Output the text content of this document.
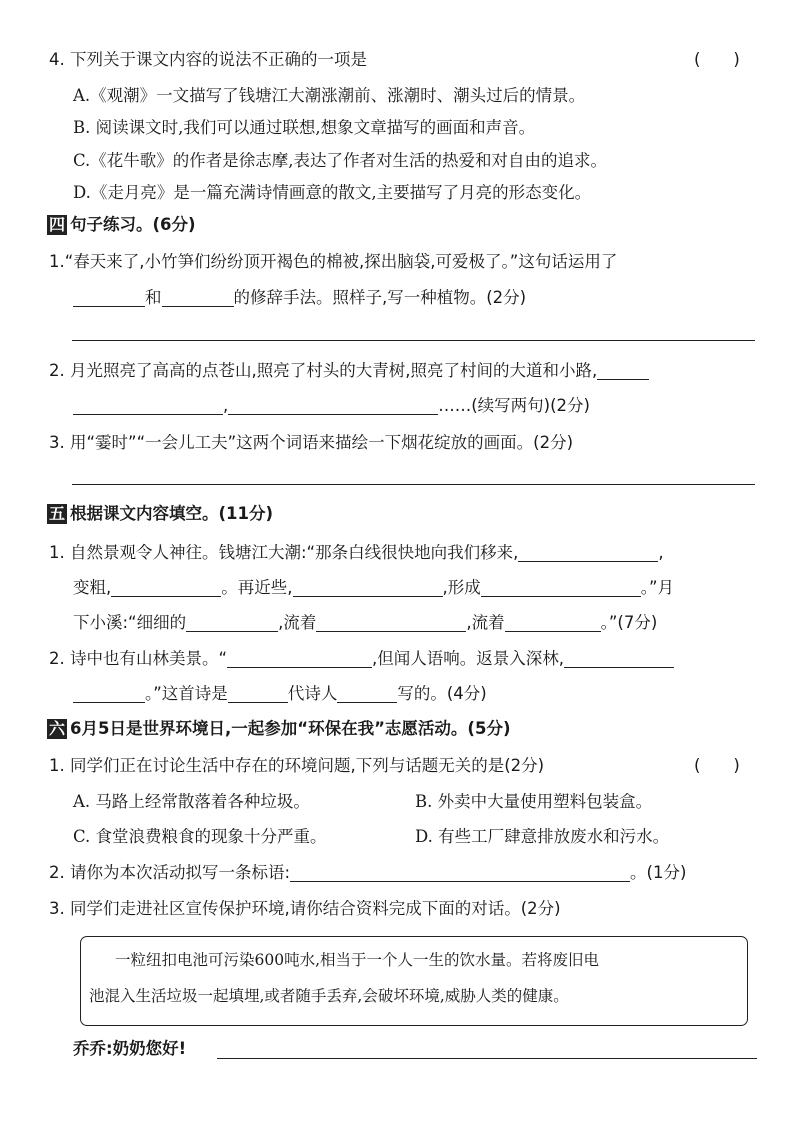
4. 下列关于课文内容的说法不正确的一项是	(　　)
A.《观潮》一文描写了钱塘江大潮涨潮前、涨潮时、潮头过后的情景。
B. 阅读课文时,我们可以通过联想,想象文章描写的画面和声音。
C.《花牛歌》的作者是徐志摩,表达了作者对生活的热爱和对自由的追求。
D.《走月亮》是一篇充满诗情画意的散文,主要描写了月亮的形态变化。
四 句子练习。(6分)
1.“春天来了,小竹笋们纷纷顶开褐色的棉被,探出脑袋,可爱极了。”这句话运用了
和	的修辞手法。照样子,写一种植物。(2分)
2. 月光照亮了高高的点苍山,照亮了村头的大青树,照亮了村间的大道和小路,
,	……(续写两句)(2分)
3. 用“霎时”“一会儿工夫”这两个词语来描绘一下烟花绽放的画面。(2分)
五 根据课文内容填空。(11分)
1. 自然景观令人神往。钱塘江大潮:“那条白线很快地向我们移来,	,
变粗,	。再近些,	,形成	。”月
下小溪:“细细的	,流着	,流着	。”(7分)
2. 诗中也有山林美景。“	,但闻人语响。返景入深林,
。”这首诗是	代诗人	写的。(4分)
六 6月5日是世界环境日,一起参加“环保在我”志愿活动。(5分)
1. 同学们正在讨论生活中存在的环境问题,下列与话题无关的是(2分)	(　　)
A. 马路上经常散落着各种垃圾。	B. 外卖中大量使用塑料包装盒。
C. 食堂浪费粮食的现象十分严重。	D. 有些工厂肆意排放废水和污水。
2. 请你为本次活动拟写一条标语:	。(1分)
3. 同学们走进社区宣传保护环境,请你结合资料完成下面的对话。(2分)
一粒纽扣电池可污染600吨水,相当于一个人一生的饮水量。若将废旧电
池混入生活垃圾一起填埋,或者随手丢弃,会破坏环境,威胁人类的健康。
乔乔:奶奶您好!
